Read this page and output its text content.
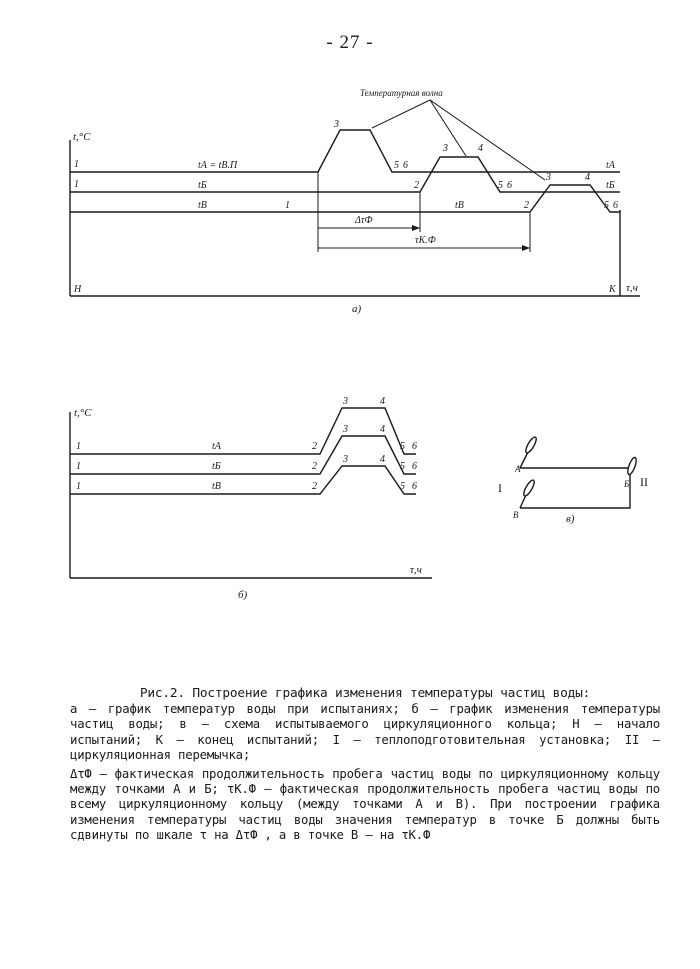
- 27 -
t,°C
τ,ч
Н	К
Температурная волна
ΔτФ
τК.Ф
tА = tВ.П
tБ
tВ	tВ
tА
tБ
1
1
1
3
5 6
2
3	4
5 6
2
3	4
5 6
а)
t,°C
τ,ч
tА
tБ
tВ
1
1
1
2
2
2
3
3
3
4
4
4
5
5
5
6
6
6
б)
А
Б
В
I	II
в)

Рис.2. Построение графика изменения температуры частиц воды:

а – график температур воды при испытаниях; б – график изменения температуры частиц воды; в – схема испытываемого циркуляционного кольца; Н – начало испытаний; К – конец испытаний; I – теплоподготовительная установка; II – циркуляционная перемычка;

ΔτФ – фактическая продолжительность пробега частиц воды по циркуляционному кольцу между точками А и Б; τК.Ф – фактическая продолжительность пробега частиц воды по всему циркуляционному кольцу (между точками А и В). При построении графика изменения температуры частиц воды значения температур в точке Б должны быть сдвинуты по шкале τ на ΔτФ , а в точке В – на τК.Ф
